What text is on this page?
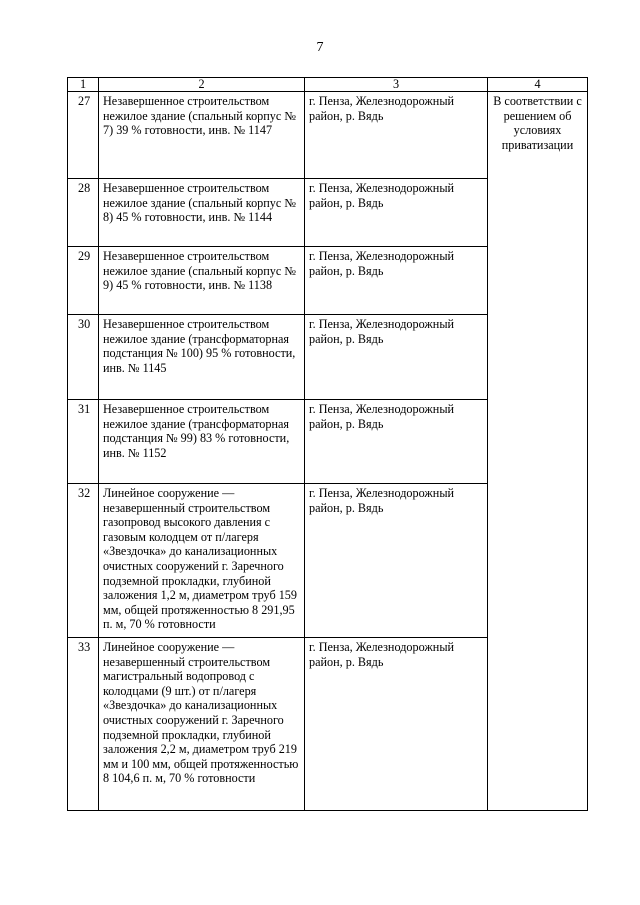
7
1	2	3	4
27	Незавершенное строительством нежилое здание (спальный корпус № 7) 39 % готовности, инв. № 1147	г. Пенза, Железнодорожный район, р. Вядь	В соответствии с решением об условиях приватизации
28	Незавершенное строительством нежилое здание (спальный корпус № 8) 45 % готовности, инв. № 1144	г. Пенза, Железнодорожный район, р. Вядь	
29	Незавершенное строительством нежилое здание (спальный корпус № 9) 45 % готовности, инв. № 1138	г. Пенза, Железнодорожный район, р. Вядь	
30	Незавершенное строительством нежилое здание (трансформаторная подстанция № 100) 95 % готовности, инв. № 1145	г. Пенза, Железнодорожный район, р. Вядь	
31	Незавершенное строительством нежилое здание (трансформаторная подстанция № 99) 83 % готовности, инв. № 1152	г. Пенза, Железнодорожный район, р. Вядь	
32	Линейное сооружение — незавершенный строительством газопровод высокого давления с газовым колодцем от п/лагеря «Звездочка» до канализационных очистных сооружений г. Заречного подземной прокладки, глубиной заложения 1,2 м, диаметром труб 159 мм, общей протяженностью 8 291,95 п. м, 70 % готовности	г. Пенза, Железнодорожный район, р. Вядь	
33	Линейное сооружение — незавершенный строительством магистральный водопровод с колодцами (9 шт.) от п/лагеря «Звездочка» до канализационных очистных сооружений г. Заречного подземной прокладки, глубиной заложения 2,2 м, диаметром труб 219 мм и 100 мм, общей протяженностью 8 104,6 п. м, 70 % готовности	г. Пенза, Железнодорожный район, р. Вядь	
